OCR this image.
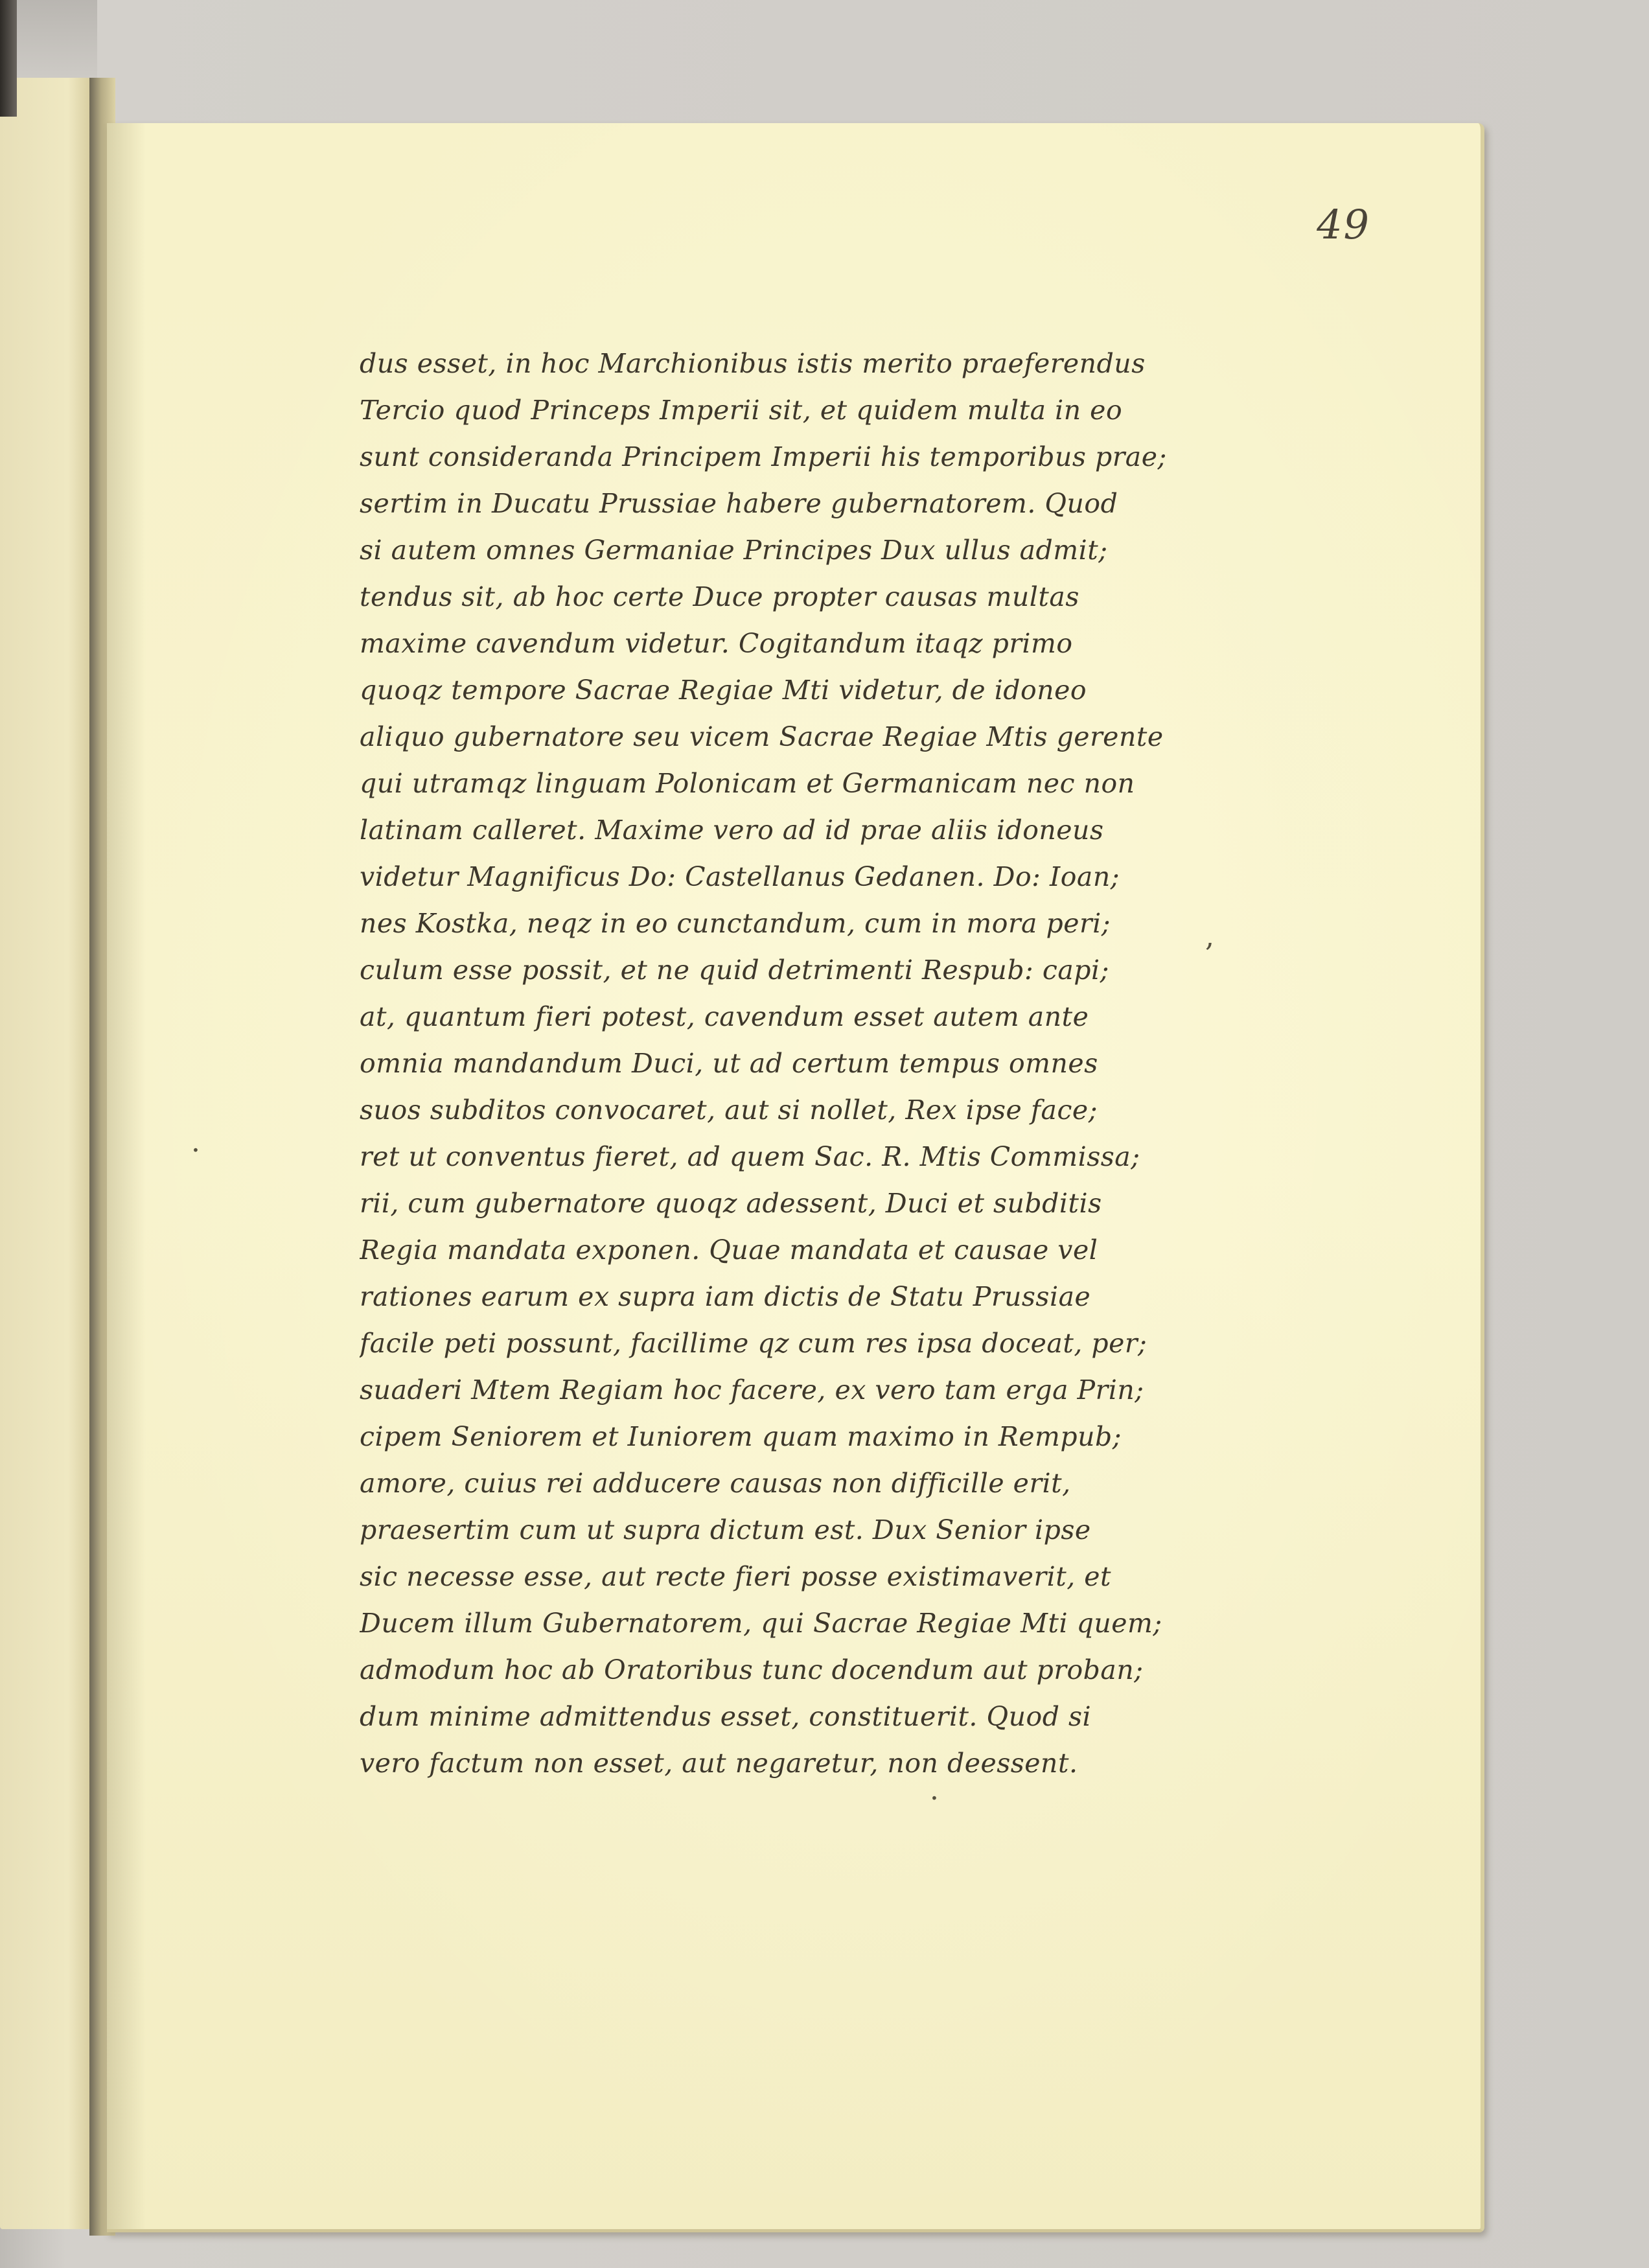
49
dus esset, in hoc Marchionibus istis merito praeferendus
Tercio quod Princeps Imperii sit, et quidem multa in eo
sunt consideranda Principem Imperii his temporibus prae;
sertim in Ducatu Prussiae habere gubernatorem. Quod
si autem omnes Germaniae Principes Dux ullus admit;
tendus sit, ab hoc certe Duce propter causas multas
maxime cavendum videtur. Cogitandum itaqz primo
quoqz tempore Sacrae Regiae Mti videtur, de idoneo
aliquo gubernatore seu vicem Sacrae Regiae Mtis gerente
qui utramqz linguam Polonicam et Germanicam nec non
latinam calleret. Maxime vero ad id prae aliis idoneus
videtur Magnificus Do: Castellanus Gedanen. Do: Ioan;
nes Kostka, neqz in eo cunctandum, cum in mora peri;
culum esse possit, et ne quid detrimenti Respub: capi;
at, quantum fieri potest, cavendum esset autem ante
omnia mandandum Duci, ut ad certum tempus omnes
suos subditos convocaret, aut si nollet, Rex ipse face;
ret ut conventus fieret, ad quem Sac. R. Mtis Commissa;
rii, cum gubernatore quoqz adessent, Duci et subditis
Regia mandata exponen. Quae mandata et causae vel
rationes earum ex supra iam dictis de Statu Prussiae
facile peti possunt, facillime qz cum res ipsa doceat, per;
suaderi Mtem Regiam hoc facere, ex vero tam erga Prin;
cipem Seniorem et Iuniorem quam maximo in Rempub;
amore, cuius rei adducere causas non difficille erit,
praesertim cum ut supra dictum est. Dux Senior ipse
sic necesse esse, aut recte fieri posse existimaverit, et
Ducem illum Gubernatorem, qui Sacrae Regiae Mti quem;
admodum hoc ab Oratoribus tunc docendum aut proban;
dum minime admittendus esset, constituerit. Quod si
vero factum non esset, aut negaretur, non deessent.
·
,
·
